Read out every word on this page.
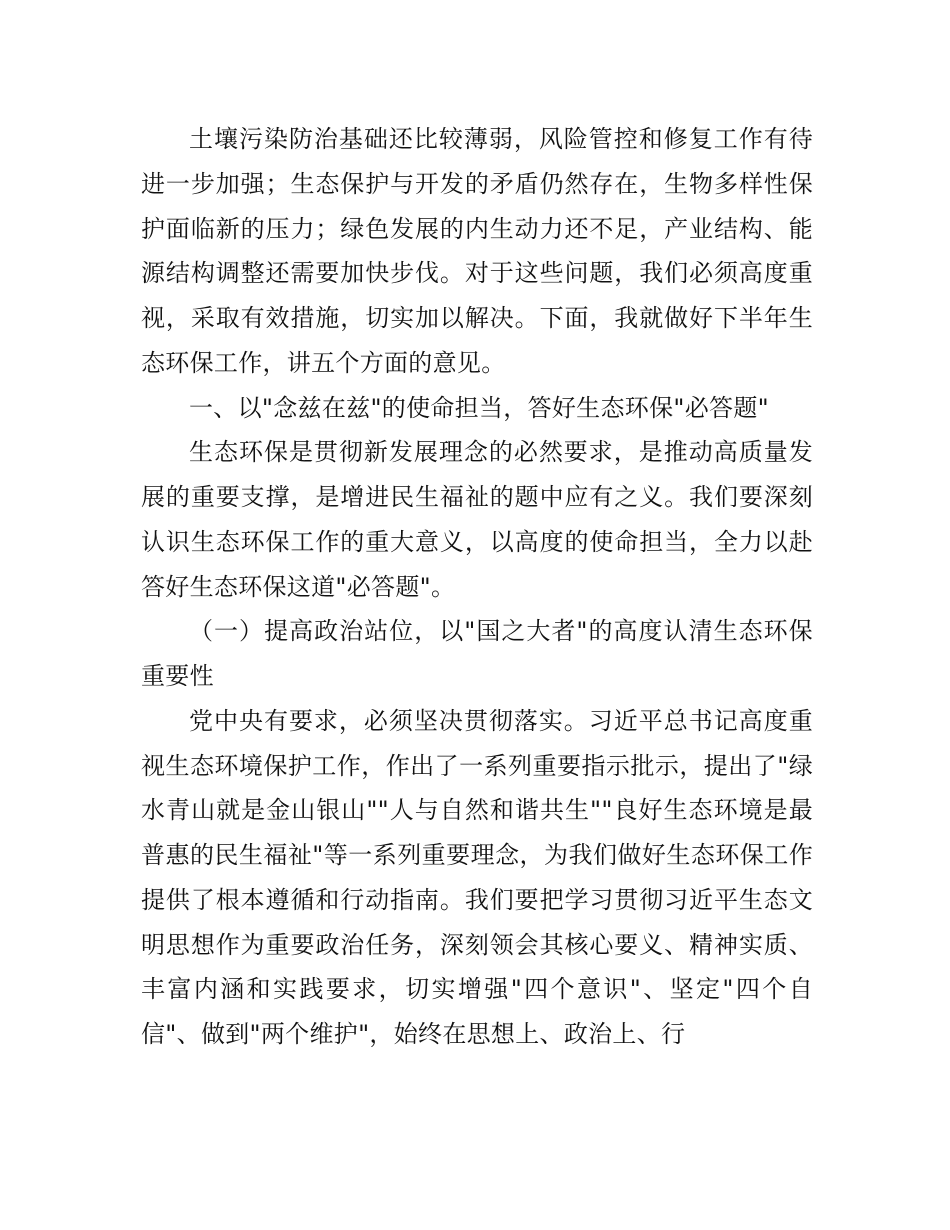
土壤污染防治基础还比较薄弱，风险管控和修复工作有待进一步加强；生态保护与开发的矛盾仍然存在，生物多样性保护面临新的压力；绿色发展的内生动力还不足，产业结构、能源结构调整还需要加快步伐。对于这些问题，我们必须高度重视，采取有效措施，切实加以解决。下面，我就做好下半年生态环保工作，讲五个方面的意见。

一、以"念兹在兹"的使命担当，答好生态环保"必答题"

生态环保是贯彻新发展理念的必然要求，是推动高质量发展的重要支撑，是增进民生福祉的题中应有之义。我们要深刻认识生态环保工作的重大意义，以高度的使命担当，全力以赴答好生态环保这道"必答题"。

（一）提高政治站位，以"国之大者"的高度认清生态环保重要性

党中央有要求，必须坚决贯彻落实。习近平总书记高度重视生态环境保护工作，作出了一系列重要指示批示，提出了"绿水青山就是金山银山""人与自然和谐共生""良好生态环境是最普惠的民生福祉"等一系列重要理念，为我们做好生态环保工作提供了根本遵循和行动指南。我们要把学习贯彻习近平生态文明思想作为重要政治任务，深刻领会其核心要义、精神实质、丰富内涵和实践要求，切实增强"四个意识"、坚定"四个自信"、做到"两个维护"，始终在思想上、政治上、行
